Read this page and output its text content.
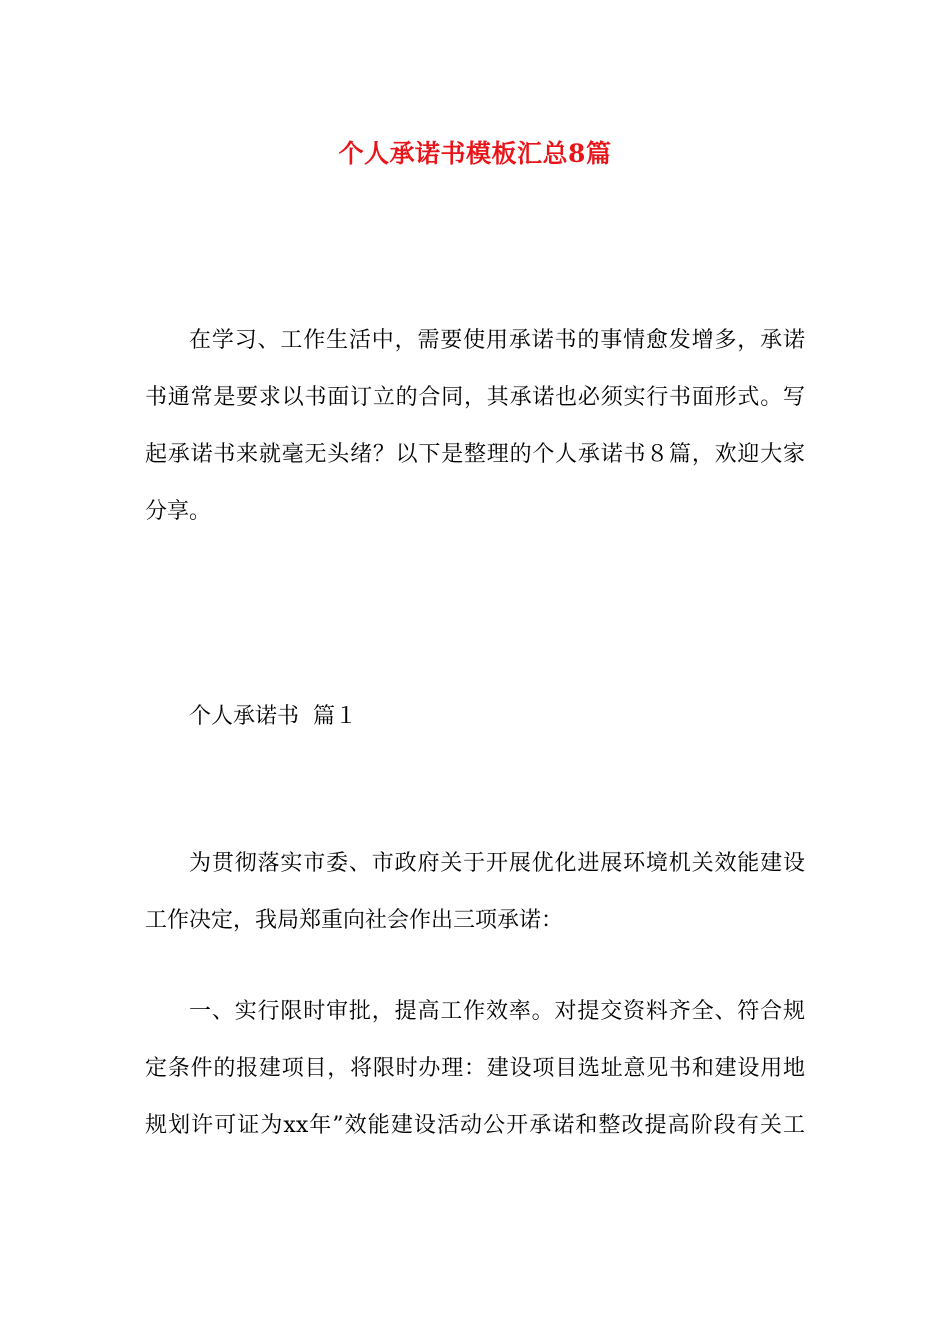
个人承诺书模板汇总8篇
在学习、工作生活中，需要使用承诺书的事情愈发增多，承诺
书通常是要求以书面订立的合同，其承诺也必须实行书面形式。写
起承诺书来就毫无头绪？以下是整理的个人承诺书８篇，欢迎大家
分享。
个人承诺书  篇１
为贯彻落实市委、市政府关于开展优化进展环境机关效能建设
工作决定，我局郑重向社会作出三项承诺：
一、实行限时审批，提高工作效率。对提交资料齐全、符合规
定条件的报建项目，将限时办理：建设项目选址意见书和建设用地
规划许可证为xx年”效能建设活动公开承诺和整改提高阶段有关工
